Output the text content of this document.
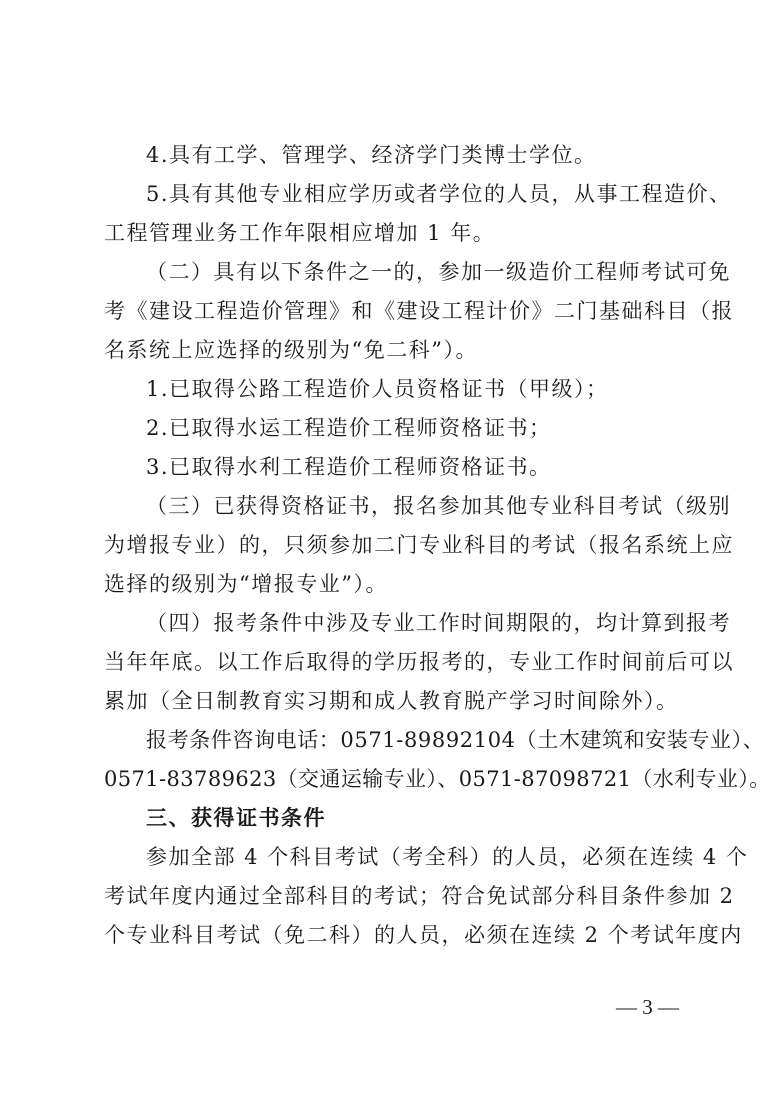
4.具有工学、管理学、经济学门类博士学位。
5.具有其他专业相应学历或者学位的人员，从事工程造价、
工程管理业务工作年限相应增加 1 年。
（二）具有以下条件之一的，参加一级造价工程师考试可免
考《建设工程造价管理》和《建设工程计价》二门基础科目（报
名系统上应选择的级别为“免二科”）。
1.已取得公路工程造价人员资格证书（甲级）；
2.已取得水运工程造价工程师资格证书；
3.已取得水利工程造价工程师资格证书。
（三）已获得资格证书，报名参加其他专业科目考试（级别
为增报专业）的，只须参加二门专业科目的考试（报名系统上应
选择的级别为“增报专业”）。
（四）报考条件中涉及专业工作时间期限的，均计算到报考
当年年底。以工作后取得的学历报考的，专业工作时间前后可以
累加（全日制教育实习期和成人教育脱产学习时间除外）。
报考条件咨询电话：0571-89892104（土木建筑和安装专业）、
0571-83789623（交通运输专业）、0571-87098721（水利专业）。
三、获得证书条件
参加全部 4 个科目考试（考全科）的人员，必须在连续 4 个
考试年度内通过全部科目的考试；符合免试部分科目条件参加 2
个专业科目考试（免二科）的人员，必须在连续 2 个考试年度内
— 3 —
